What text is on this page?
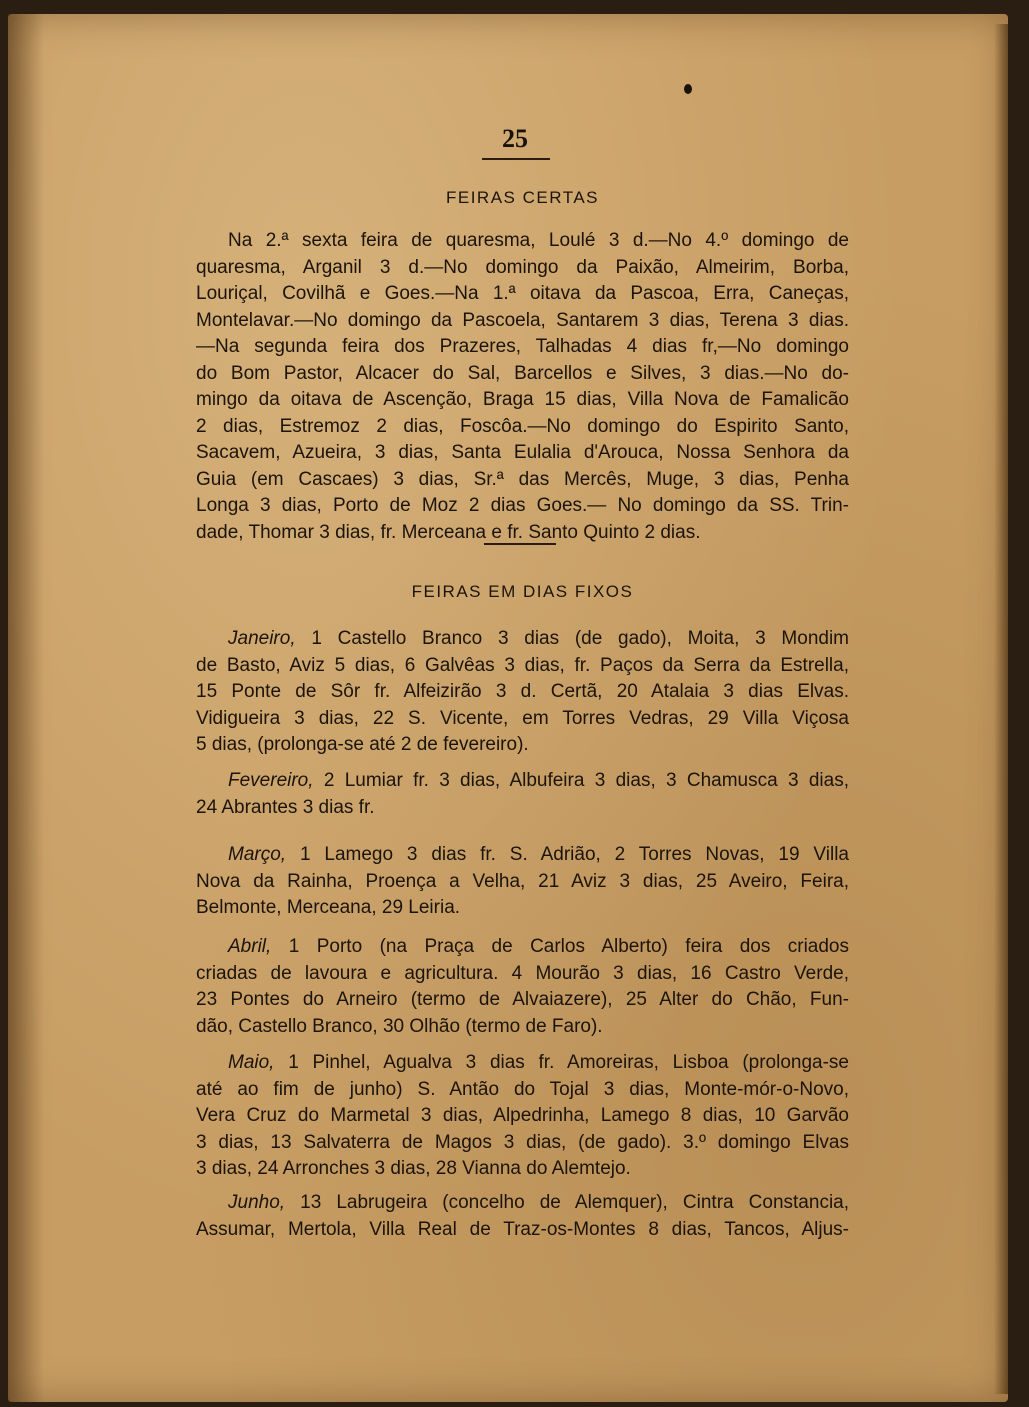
25
FEIRAS CERTAS
Na 2.ª sexta feira de quaresma, Loulé 3 d.—No 4.º domingo de
quaresma, Arganil 3 d.—No domingo da Paixão, Almeirim, Borba,
Louriçal, Covilhã e Goes.—Na 1.ª oitava da Pascoa, Erra, Caneças,
Montelavar.—No domingo da Pascoela, Santarem 3 dias, Terena 3 dias.
—Na segunda feira dos Prazeres, Talhadas 4 dias fr,—No domingo
do Bom Pastor, Alcacer do Sal, Barcellos e Silves, 3 dias.—No do-
mingo da oitava de Ascenção, Braga 15 dias, Villa Nova de Famalicão
2 dias, Estremoz 2 dias, Foscôa.—No domingo do Espirito Santo,
Sacavem, Azueira, 3 dias, Santa Eulalia d'Arouca, Nossa Senhora da
Guia (em Cascaes) 3 dias, Sr.ª das Mercês, Muge, 3 dias, Penha
Longa 3 dias, Porto de Moz 2 dias Goes.— No domingo da SS. Trin-
dade, Thomar 3 dias, fr. Merceana e fr. Santo Quinto 2 dias.
FEIRAS EM DIAS FIXOS
Janeiro, 1 Castello Branco 3 dias (de gado), Moita, 3 Mondim
de Basto, Aviz 5 dias, 6 Galvêas 3 dias, fr. Paços da Serra da Estrella,
15 Ponte de Sôr fr. Alfeizirão 3 d. Certã, 20 Atalaia 3 dias Elvas.
Vidigueira 3 dias, 22 S. Vicente, em Torres Vedras, 29 Villa Viçosa
5 dias, (prolonga-se até 2 de fevereiro).
Fevereiro, 2 Lumiar fr. 3 dias, Albufeira 3 dias, 3 Chamusca 3 dias,
24 Abrantes 3 dias fr.
Março, 1 Lamego 3 dias fr. S. Adrião, 2 Torres Novas, 19 Villa
Nova da Rainha, Proença a Velha, 21 Aviz 3 dias, 25 Aveiro, Feira,
Belmonte, Merceana, 29 Leiria.
Abril, 1 Porto (na Praça de Carlos Alberto) feira dos criados
criadas de lavoura e agricultura. 4 Mourão 3 dias, 16 Castro Verde,
23 Pontes do Arneiro (termo de Alvaiazere), 25 Alter do Chão, Fun-
dão, Castello Branco, 30 Olhão (termo de Faro).
Maio, 1 Pinhel, Agualva 3 dias fr. Amoreiras, Lisboa (prolonga-se
até ao fim de junho) S. Antão do Tojal 3 dias, Monte-mór-o-Novo,
Vera Cruz do Marmetal 3 dias, Alpedrinha, Lamego 8 dias, 10 Garvão
3 dias, 13 Salvaterra de Magos 3 dias, (de gado). 3.º domingo Elvas
3 dias, 24 Arronches 3 dias, 28 Vianna do Alemtejo.
Junho, 13 Labrugeira (concelho de Alemquer), Cintra Constancia,
Assumar, Mertola, Villa Real de Traz-os-Montes 8 dias, Tancos, Aljus-
